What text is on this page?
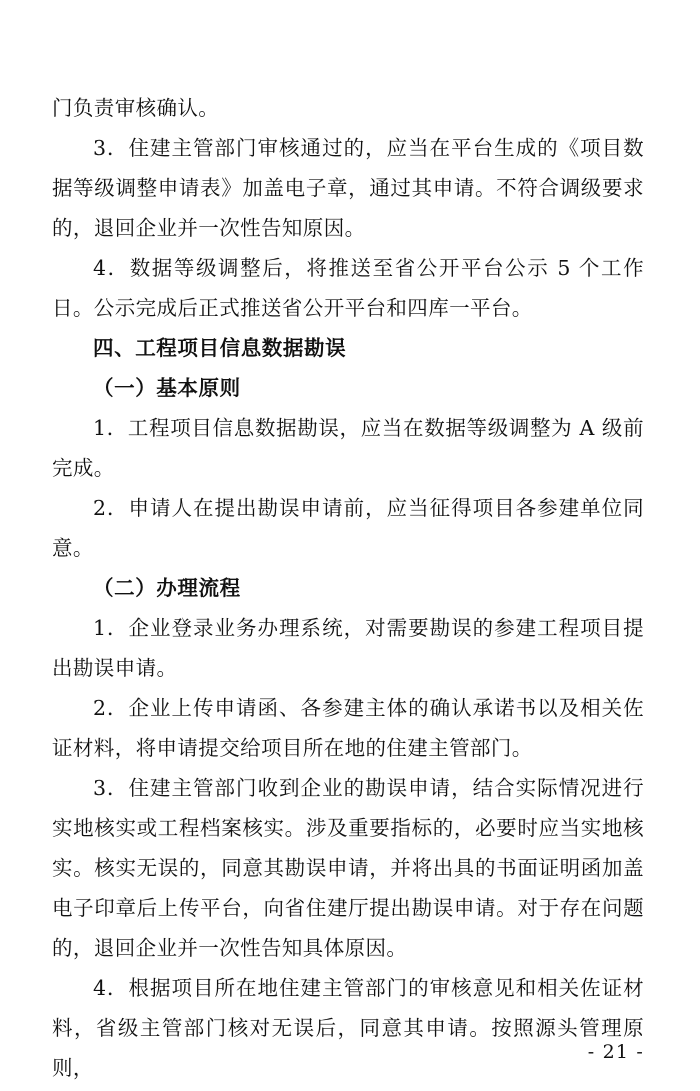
门负责审核确认。

3．住建主管部门审核通过的，应当在平台生成的《项目数据等级调整申请表》加盖电子章，通过其申请。不符合调级要求的，退回企业并一次性告知原因。

4．数据等级调整后，将推送至省公开平台公示 5 个工作日。公示完成后正式推送省公开平台和四库一平台。

四、工程项目信息数据勘误

（一）基本原则

1．工程项目信息数据勘误，应当在数据等级调整为 A 级前完成。

2．申请人在提出勘误申请前，应当征得项目各参建单位同意。

（二）办理流程

1．企业登录业务办理系统，对需要勘误的参建工程项目提出勘误申请。

2．企业上传申请函、各参建主体的确认承诺书以及相关佐证材料，将申请提交给项目所在地的住建主管部门。

3．住建主管部门收到企业的勘误申请，结合实际情况进行实地核实或工程档案核实。涉及重要指标的，必要时应当实地核实。核实无误的，同意其勘误申请，并将出具的书面证明函加盖电子印章后上传平台，向省住建厅提出勘误申请。对于存在问题的，退回企业并一次性告知具体原因。

4．根据项目所在地住建主管部门的审核意见和相关佐证材料，省级主管部门核对无误后，同意其申请。按照源头管理原则，

- 21 -
